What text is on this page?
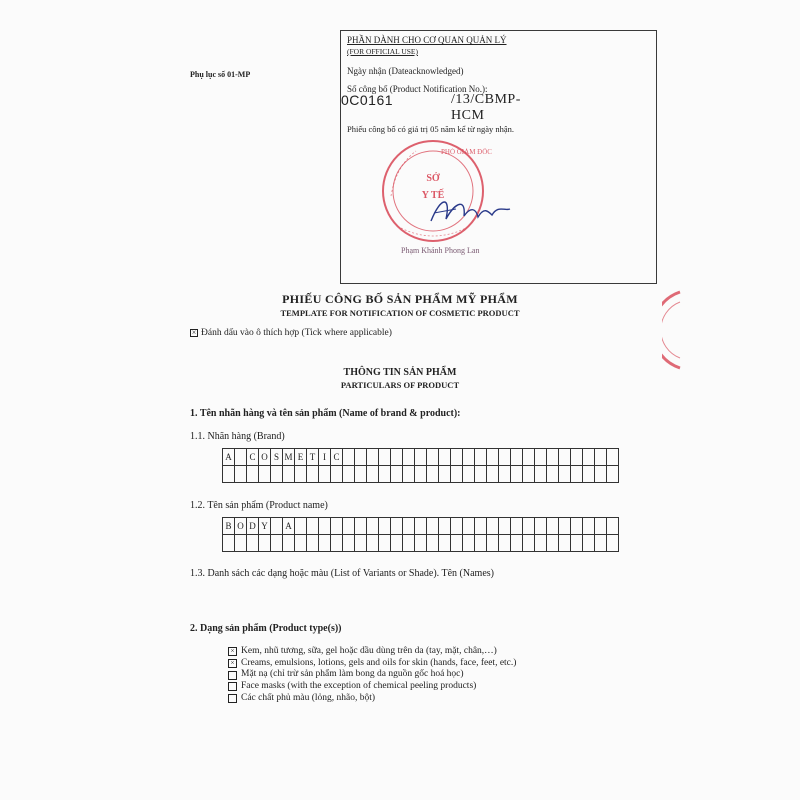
Phụ lục số 01-MP
PHẦN DÀNH CHO CƠ QUAN QUẢN LÝ
(FOR OFFICIAL USE)
Ngày nhận (Dateacknowledged)
Số công bố (Product Notification No.):
0C0161	/13/CBMP-HCM
Phiếu công bố có giá trị 05 năm kể từ ngày nhận.
PHÓ GIÁM ĐỐC
SỞ
Y TẾ
Phạm Khánh Phong Lan
PHIẾU CÔNG BỐ SẢN PHẨM MỸ PHẨM
TEMPLATE FOR NOTIFICATION OF COSMETIC PRODUCT
× Đánh dấu vào ô thích hợp (Tick where applicable)
THÔNG TIN SẢN PHẨM
PARTICULARS OF PRODUCT
1. Tên nhãn hàng và tên sản phẩm (Name of brand & product):
1.1. Nhãn hàng (Brand)
A		C	O	S	M	E	T	I	C																							

1.2. Tên sản phẩm (Product name)
B	O	D	Y		A																											

1.3. Danh sách các dạng hoặc màu (List of Variants or Shade). Tên (Names)
2. Dạng sản phẩm (Product type(s))
× Kem, nhũ tương, sữa, gel hoặc dầu dùng trên da (tay, mặt, chân,…)
× Creams, emulsions, lotions, gels and oils for skin (hands, face, feet, etc.)
Mặt nạ (chỉ trừ sản phẩm làm bong da nguồn gốc hoá học)
Face masks (with the exception of chemical peeling products)
Các chất phủ màu (lỏng, nhão, bột)
